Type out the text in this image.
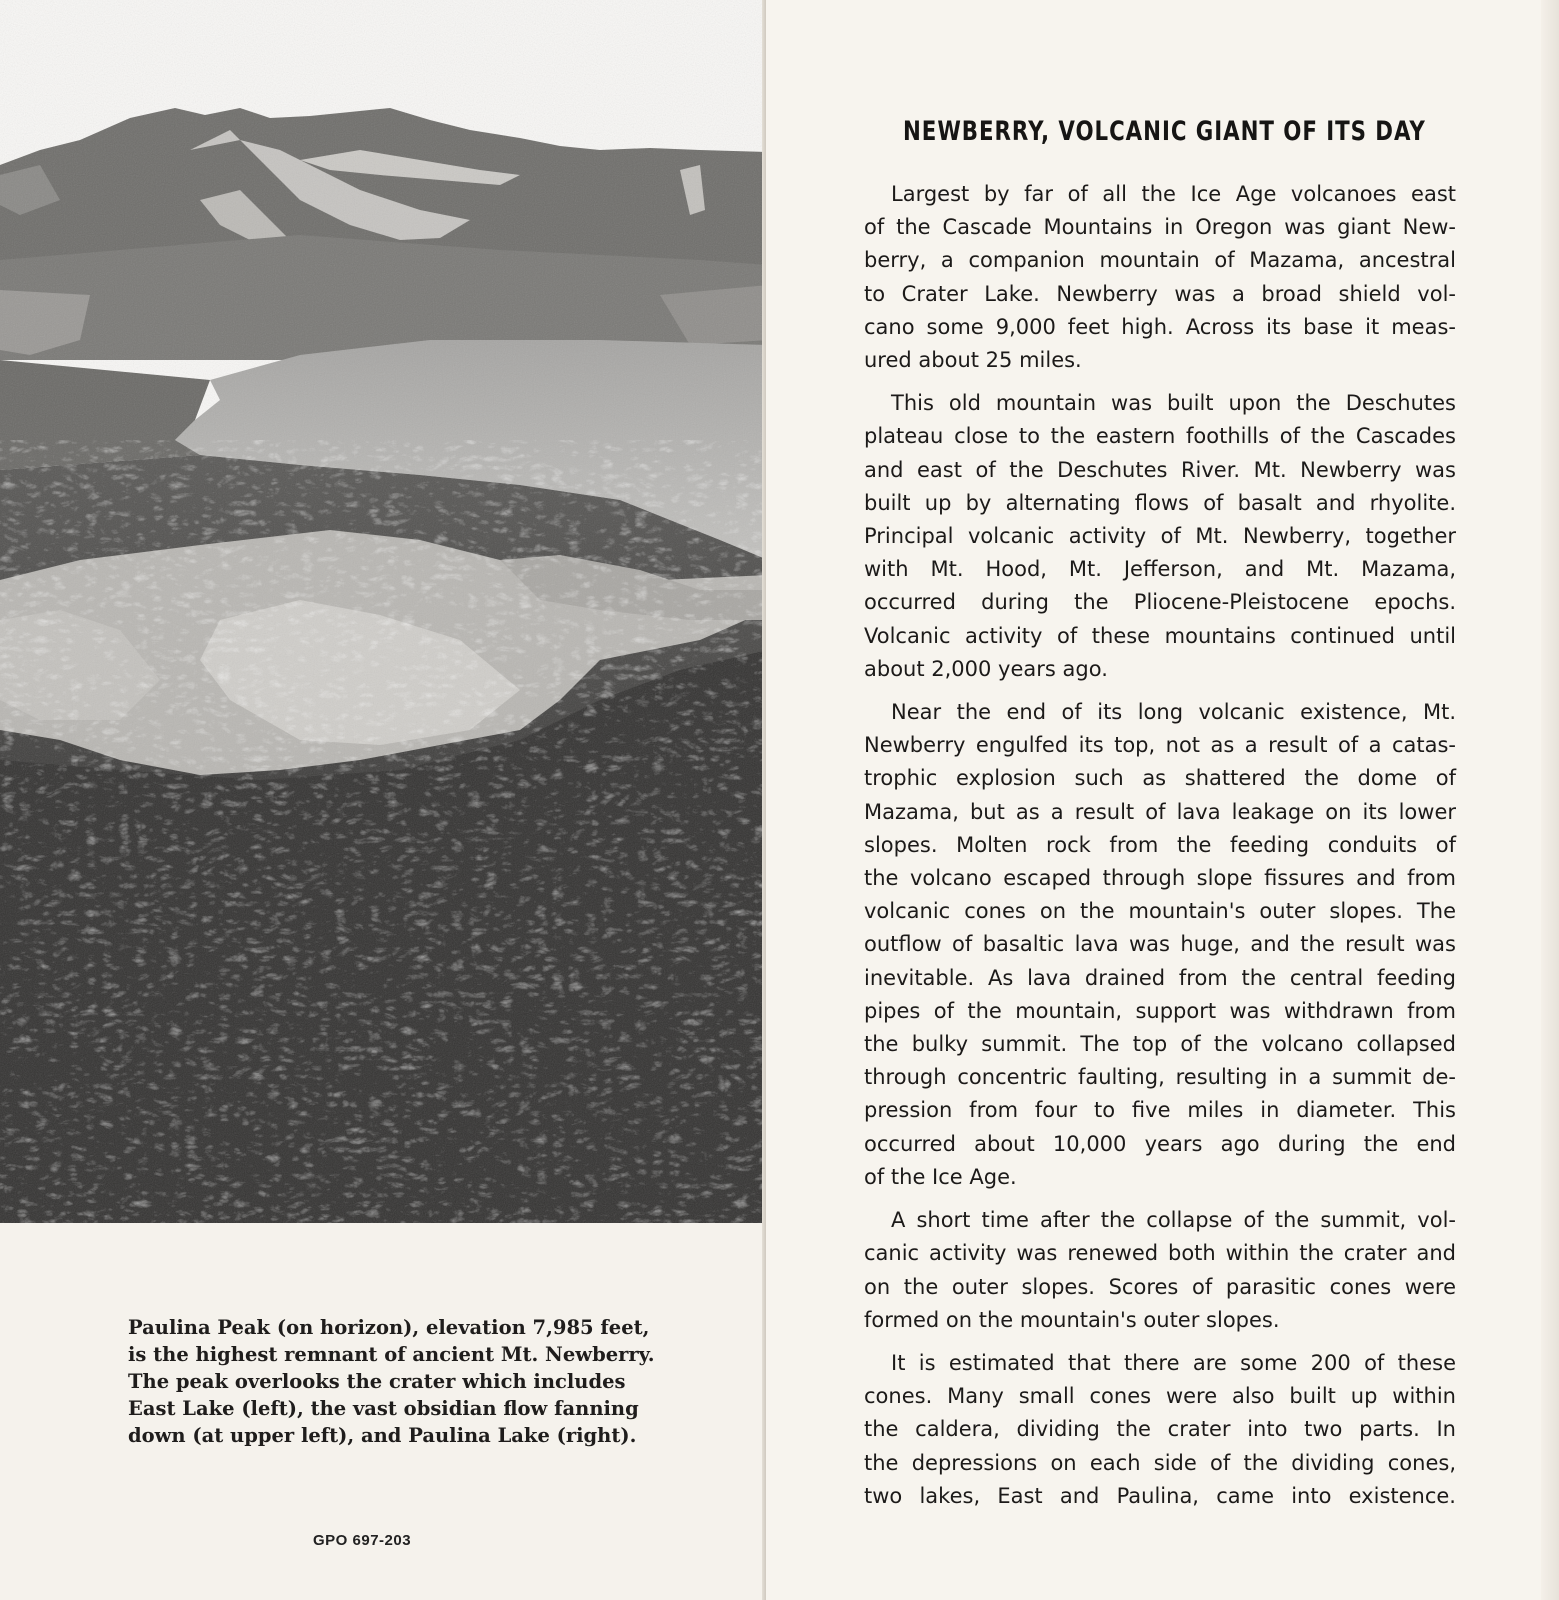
Paulina Peak (on horizon), elevation 7,985 feet,
is the highest remnant of ancient Mt. Newberry.
The peak overlooks the crater which includes
East Lake (left), the vast obsidian flow fanning
down (at upper left), and Paulina Lake (right).
GPO 697-203
NEWBERRY, VOLCANIC GIANT OF ITS DAY

Largest by far of all the Ice Age volcanoes east
of the Cascade Mountains in Oregon was giant New-
berry, a companion mountain of Mazama, ancestral
to Crater Lake. Newberry was a broad shield vol-
cano some 9,000 feet high. Across its base it meas-
ured about 25 miles.

This old mountain was built upon the Deschutes
plateau close to the eastern foothills of the Cascades
and east of the Deschutes River. Mt. Newberry was
built up by alternating flows of basalt and rhyolite.
Principal volcanic activity of Mt. Newberry, together
with Mt. Hood, Mt. Jefferson, and Mt. Mazama,
occurred during the Pliocene-Pleistocene epochs.
Volcanic activity of these mountains continued until
about 2,000 years ago.

Near the end of its long volcanic existence, Mt.
Newberry engulfed its top, not as a result of a catas-
trophic explosion such as shattered the dome of
Mazama, but as a result of lava leakage on its lower
slopes. Molten rock from the feeding conduits of
the volcano escaped through slope fissures and from
volcanic cones on the mountain's outer slopes. The
outflow of basaltic lava was huge, and the result was
inevitable. As lava drained from the central feeding
pipes of the mountain, support was withdrawn from
the bulky summit. The top of the volcano collapsed
through concentric faulting, resulting in a summit de-
pression from four to five miles in diameter. This
occurred about 10,000 years ago during the end
of the Ice Age.

A short time after the collapse of the summit, vol-
canic activity was renewed both within the crater and
on the outer slopes. Scores of parasitic cones were
formed on the mountain's outer slopes.

It is estimated that there are some 200 of these
cones. Many small cones were also built up within
the caldera, dividing the crater into two parts. In
the depressions on each side of the dividing cones,
two lakes, East and Paulina, came into existence.
